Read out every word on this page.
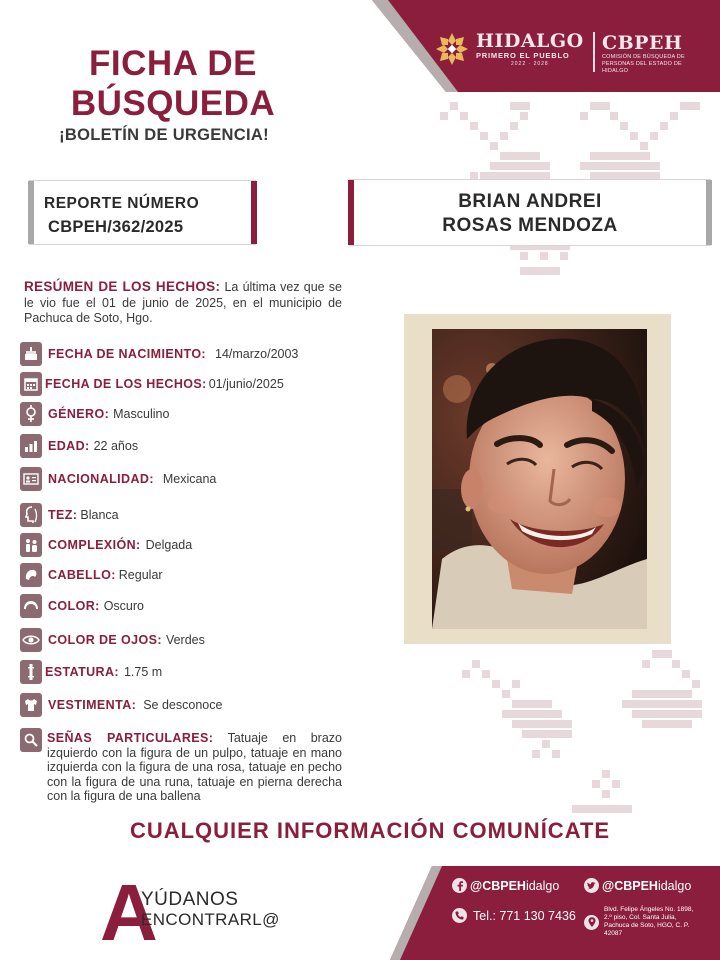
HIDALGO
PRIMERO EL PUEBLO
2022 · 2028
CBPEH
COMISIÓN DE BÚSQUEDA DE PERSONAS DEL ESTADO DE HIDALGO
FICHA DE
BÚSQUEDA
¡BOLETÍN DE URGENCIA!
REPORTE NÚMERO
CBPEH/362/2025
BRIAN ANDREI
ROSAS MENDOZA
RESÚMEN DE LOS HECHOS: La última vez que se le vio fue el 01 de junio de 2025, en el municipio de Pachuca de Soto, Hgo.
FECHA DE NACIMIENTO: 14/marzo/2003
FECHA DE LOS HECHOS: 01/junio/2025
GÉNERO: Masculino
EDAD: 22 años
NACIONALIDAD: Mexicana
TEZ: Blanca
COMPLEXIÓN: Delgada
CABELLO: Regular
COLOR: Oscuro
COLOR DE OJOS: Verdes
ESTATURA: 1.75 m
VESTIMENTA: Se desconoce
SEÑAS PARTICULARES: Tatuaje en brazo izquierdo con la figura de un pulpo, tatuaje en mano izquierda con la figura de una rosa, tatuaje en pecho con la figura de una runa, tatuaje en pierna derecha con la figura de una ballena
CUALQUIER INFORMACIÓN COMUNÍCATE
A
YÚDANOS
ENCONTRARL@
@CBPEHidalgo	@CBPEHidalgo
Tel.: 771 130 7436	Blvd. Felipe Ángeles No. 1898, 2.º piso, Col. Santa Julia, Pachuca de Soto, HGO, C. P. 42087
